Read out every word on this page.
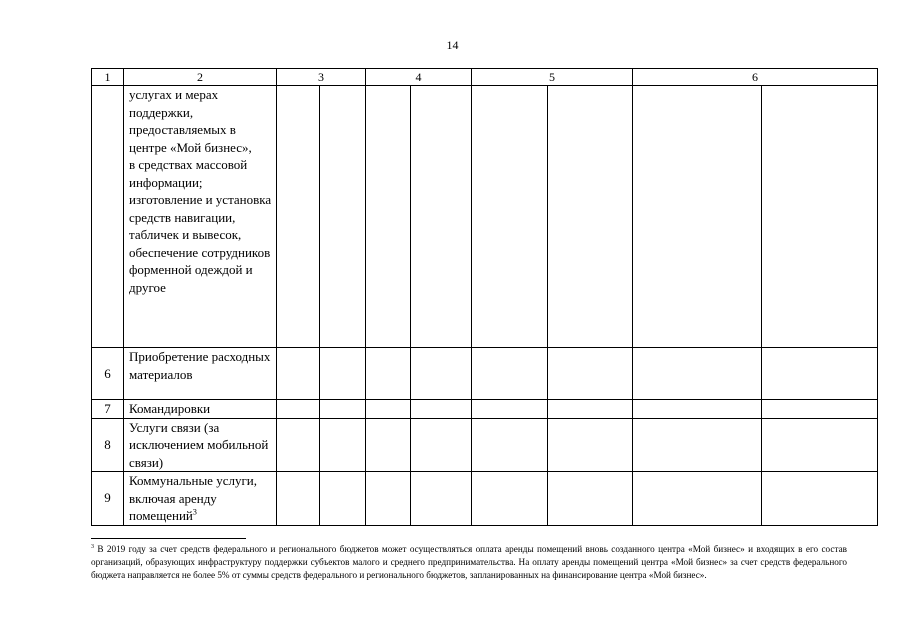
14
1	2	3		4		5		6	
	услугах и мерах поддержки, предоставляемых в центре «Мой бизнес»,
в средствах массовой информации; изготовление и установка средств навигации, табличек и вывесок, обеспечение сотрудников форменной одеждой и другое								
6	Приобретение расходных материалов								
7	Командировки								
8	Услуги связи (за исключением мобильной связи)								
9	Коммунальные услуги, включая аренду помещений$^3$								
$^3$ В 2019 году за счет средств федерального и регионального бюджетов может осуществляться оплата аренды помещений вновь созданного центра «Мой бизнес» и входящих в его состав организаций, образующих инфраструктуру поддержки субъектов малого и среднего предпринимательства. На оплату аренды помещений центра «Мой бизнес» за счет средств федерального бюджета направляется не более 5% от суммы средств федерального и регионального бюджетов, запланированных на финансирование центра «Мой бизнес».
